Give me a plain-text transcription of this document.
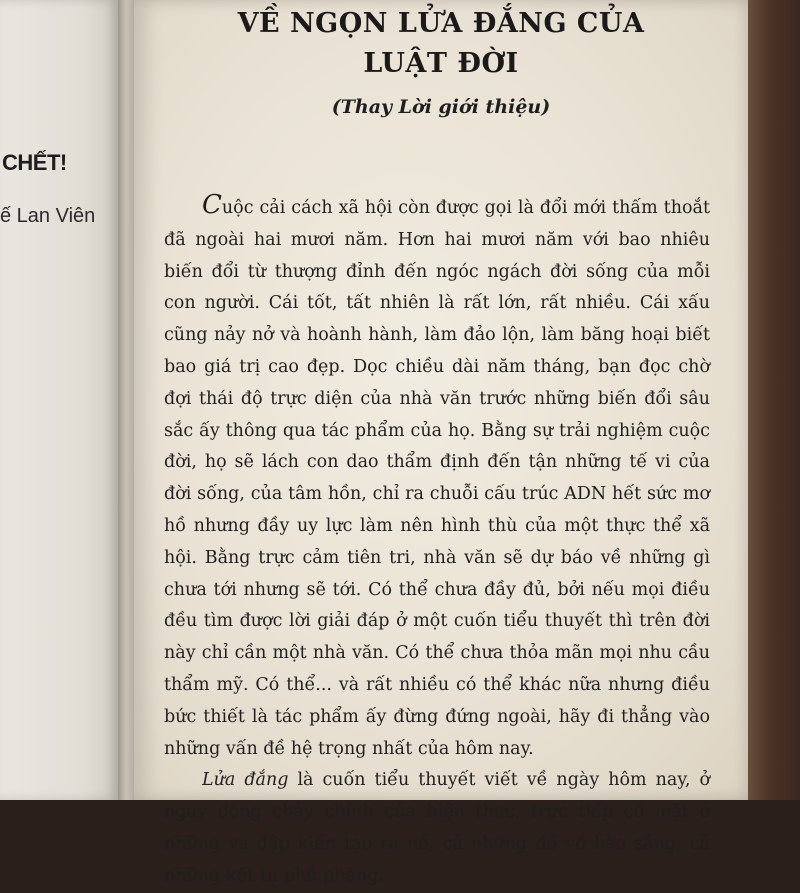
CHẾT!
ế Lan Viên
VỀ NGỌN LỬA ĐẮNG CỦA
LUẬT ĐỜI
(Thay Lời giới thiệu)

Cuộc cải cách xã hội còn được gọi là đổi mới thấm thoắt đã ngoài hai mươi năm. Hơn hai mươi năm với bao nhiêu biến đổi từ thượng đỉnh đến ngóc ngách đời sống của mỗi con người. Cái tốt, tất nhiên là rất lớn, rất nhiều. Cái xấu cũng nảy nở và hoành hành, làm đảo lộn, làm băng hoại biết bao giá trị cao đẹp. Dọc chiều dài năm tháng, bạn đọc chờ đợi thái độ trực diện của nhà văn trước những biến đổi sâu sắc ấy thông qua tác phẩm của họ. Bằng sự trải nghiệm cuộc đời, họ sẽ lách con dao thẩm định đến tận những tế vi của đời sống, của tâm hồn, chỉ ra chuỗi cấu trúc ADN hết sức mơ hồ nhưng đầy uy lực làm nên hình thù của một thực thể xã hội. Bằng trực cảm tiên tri, nhà văn sẽ dự báo về những gì chưa tới nhưng sẽ tới. Có thể chưa đầy đủ, bởi nếu mọi điều đều tìm được lời giải đáp ở một cuốn tiểu thuyết thì trên đời này chỉ cần một nhà văn. Có thể chưa thỏa mãn mọi nhu cầu thẩm mỹ. Có thể... và rất nhiều có thể khác nữa nhưng điều bức thiết là tác phẩm ấy đừng đứng ngoài, hãy đi thẳng vào những vấn đề hệ trọng nhất của hôm nay.

Lửa đắng là cuốn tiểu thuyết viết về ngày hôm nay, ở ngay dòng chảy chính của hiện thực, trực tiếp có mặt ở những va đập kiến tạo ra nó, cả những đổ vỡ hào sảng, cả những kết tụ phũ phàng.
